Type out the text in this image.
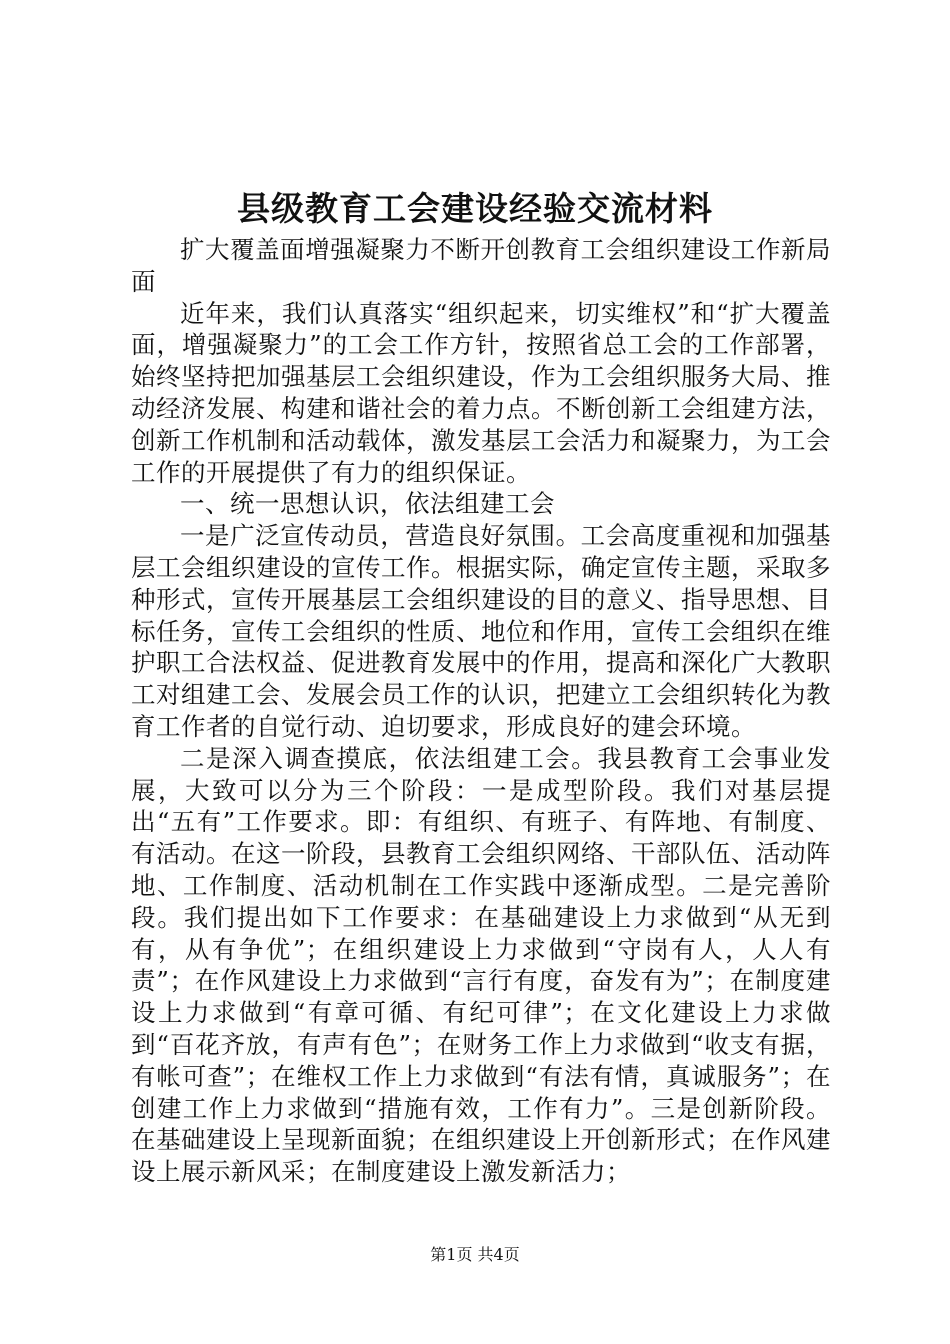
县级教育工会建设经验交流材料

扩大覆盖面增强凝聚力不断开创教育工会组织建设工作新局面

近年来，我们认真落实“组织起来，切实维权”和“扩大覆盖面，增强凝聚力”的工会工作方针，按照省总工会的工作部署，始终坚持把加强基层工会组织建设，作为工会组织服务大局、推动经济发展、构建和谐社会的着力点。不断创新工会组建方法，创新工作机制和活动载体，激发基层工会活力和凝聚力，为工会工作的开展提供了有力的组织保证。

一、统一思想认识，依法组建工会

一是广泛宣传动员，营造良好氛围。工会高度重视和加强基层工会组织建设的宣传工作。根据实际，确定宣传主题，采取多种形式，宣传开展基层工会组织建设的目的意义、指导思想、目标任务，宣传工会组织的性质、地位和作用，宣传工会组织在维护职工合法权益、促进教育发展中的作用，提高和深化广大教职工对组建工会、发展会员工作的认识，把建立工会组织转化为教育工作者的自觉行动、迫切要求，形成良好的建会环境。

二是深入调查摸底，依法组建工会。我县教育工会事业发展，大致可以分为三个阶段：一是成型阶段。我们对基层提出“五有”工作要求。即：有组织、有班子、有阵地、有制度、有活动。在这一阶段，县教育工会组织网络、干部队伍、活动阵地、工作制度、活动机制在工作实践中逐渐成型。二是完善阶段。我们提出如下工作要求：在基础建设上力求做到“从无到有，从有争优”；在组织建设上力求做到“守岗有人，人人有责”；在作风建设上力求做到“言行有度，奋发有为”；在制度建设上力求做到“有章可循、有纪可律”；在文化建设上力求做到“百花齐放，有声有色”；在财务工作上力求做到“收支有据，有帐可查”；在维权工作上力求做到“有法有情，真诚服务”；在创建工作上力求做到“措施有效，工作有力”。三是创新阶段。在基础建设上呈现新面貌；在组织建设上开创新形式；在作风建设上展示新风采；在制度建设上激发新活力；

第1页 共4页
